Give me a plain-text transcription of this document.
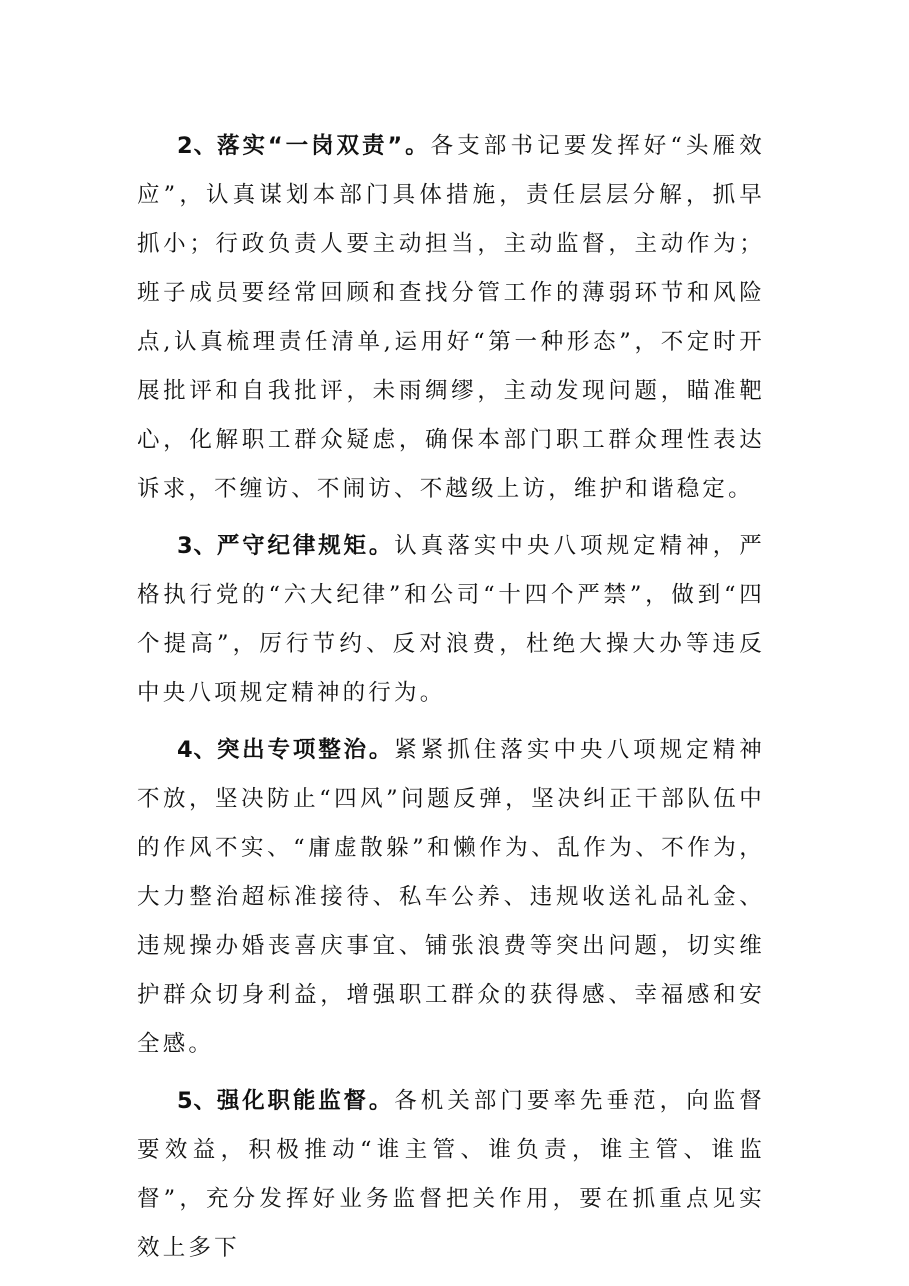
2、落实“一岗双责”。各支部书记要发挥好“头雁效应”，认真谋划本部门具体措施，责任层层分解，抓早抓小；行政负责人要主动担当，主动监督，主动作为；班子成员要经常回顾和查找分管工作的薄弱环节和风险点,认真梳理责任清单,运用好“第一种形态”，不定时开展批评和自我批评，未雨绸缪，主动发现问题，瞄准靶心，化解职工群众疑虑，确保本部门职工群众理性表达诉求，不缠访、不闹访、不越级上访，维护和谐稳定。

3、严守纪律规矩。认真落实中央八项规定精神，严格执行党的“六大纪律”和公司“十四个严禁”，做到“四个提高”，厉行节约、反对浪费，杜绝大操大办等违反中央八项规定精神的行为。

4、突出专项整治。紧紧抓住落实中央八项规定精神不放，坚决防止“四风”问题反弹，坚决纠正干部队伍中的作风不实、“庸虚散躲”和懒作为、乱作为、不作为，大力整治超标准接待、私车公养、违规收送礼品礼金、违规操办婚丧喜庆事宜、铺张浪费等突出问题，切实维护群众切身利益，增强职工群众的获得感、幸福感和安全感。

5、强化职能监督。各机关部门要率先垂范，向监督要效益，积极推动“谁主管、谁负责，谁主管、谁监督”，充分发挥好业务监督把关作用，要在抓重点见实效上多下
